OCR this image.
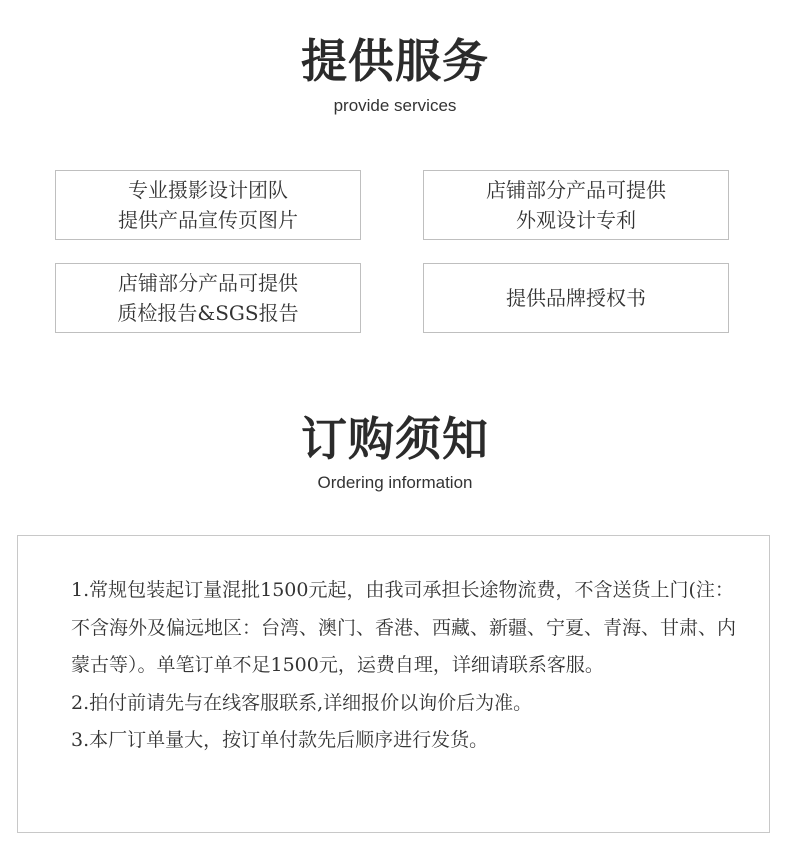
提供服务
provide services
专业摄影设计团队
提供产品宣传页图片
店铺部分产品可提供
外观设计专利
店铺部分产品可提供
质检报告&SGS报告
提供品牌授权书
订购须知
Ordering information

1.常规包装起订量混批1500元起，由我司承担长途物流费，不含送货上门(注：不含海外及偏远地区：台湾、澳门、香港、西藏、新疆、宁夏、青海、甘肃、内蒙古等）。单笔订单不足1500元，运费自理，详细请联系客服。

2.拍付前请先与在线客服联系,详细报价以询价后为准。

3.本厂订单量大，按订单付款先后顺序进行发货。
